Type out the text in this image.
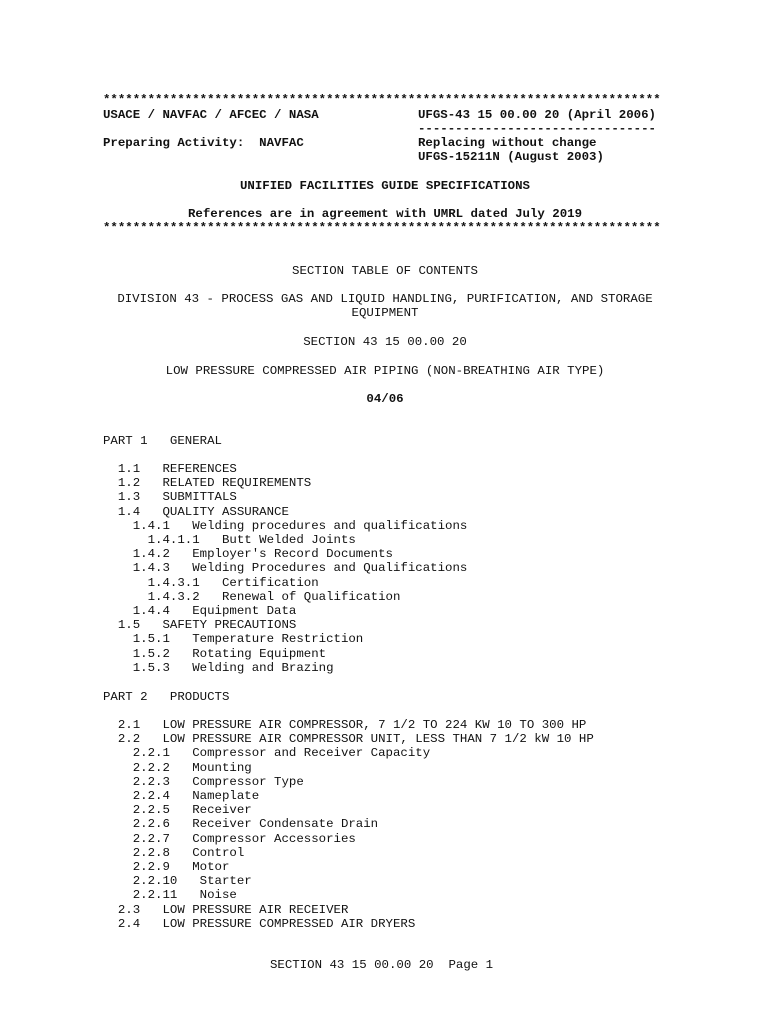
***************************************************************************
USACE / NAVFAC / AFCEC / NASA	UFGS-43 15 00.00 20 (April 2006)
--------------------------------
Preparing Activity:  NAVFAC	Replacing without change
UFGS-15211N (August 2003)
UNIFIED FACILITIES GUIDE SPECIFICATIONS
References are in agreement with UMRL dated July 2019
***************************************************************************
SECTION TABLE OF CONTENTS
DIVISION 43 - PROCESS GAS AND LIQUID HANDLING, PURIFICATION, AND STORAGE
EQUIPMENT
SECTION 43 15 00.00 20
LOW PRESSURE COMPRESSED AIR PIPING (NON-BREATHING AIR TYPE)
04/06
PART 1   GENERAL
1.1   REFERENCES
1.2   RELATED REQUIREMENTS
1.3   SUBMITTALS
1.4   QUALITY ASSURANCE
1.4.1   Welding procedures and qualifications
1.4.1.1   Butt Welded Joints
1.4.2   Employer's Record Documents
1.4.3   Welding Procedures and Qualifications
1.4.3.1   Certification
1.4.3.2   Renewal of Qualification
1.4.4   Equipment Data
1.5   SAFETY PRECAUTIONS
1.5.1   Temperature Restriction
1.5.2   Rotating Equipment
1.5.3   Welding and Brazing
PART 2   PRODUCTS
2.1   LOW PRESSURE AIR COMPRESSOR, 7 1/2 TO 224 KW 10 TO 300 HP
2.2   LOW PRESSURE AIR COMPRESSOR UNIT, LESS THAN 7 1/2 kW 10 HP
2.2.1   Compressor and Receiver Capacity
2.2.2   Mounting
2.2.3   Compressor Type
2.2.4   Nameplate
2.2.5   Receiver
2.2.6   Receiver Condensate Drain
2.2.7   Compressor Accessories
2.2.8   Control
2.2.9   Motor
2.2.10   Starter
2.2.11   Noise
2.3   LOW PRESSURE AIR RECEIVER
2.4   LOW PRESSURE COMPRESSED AIR DRYERS
SECTION 43 15 00.00 20  Page 1
